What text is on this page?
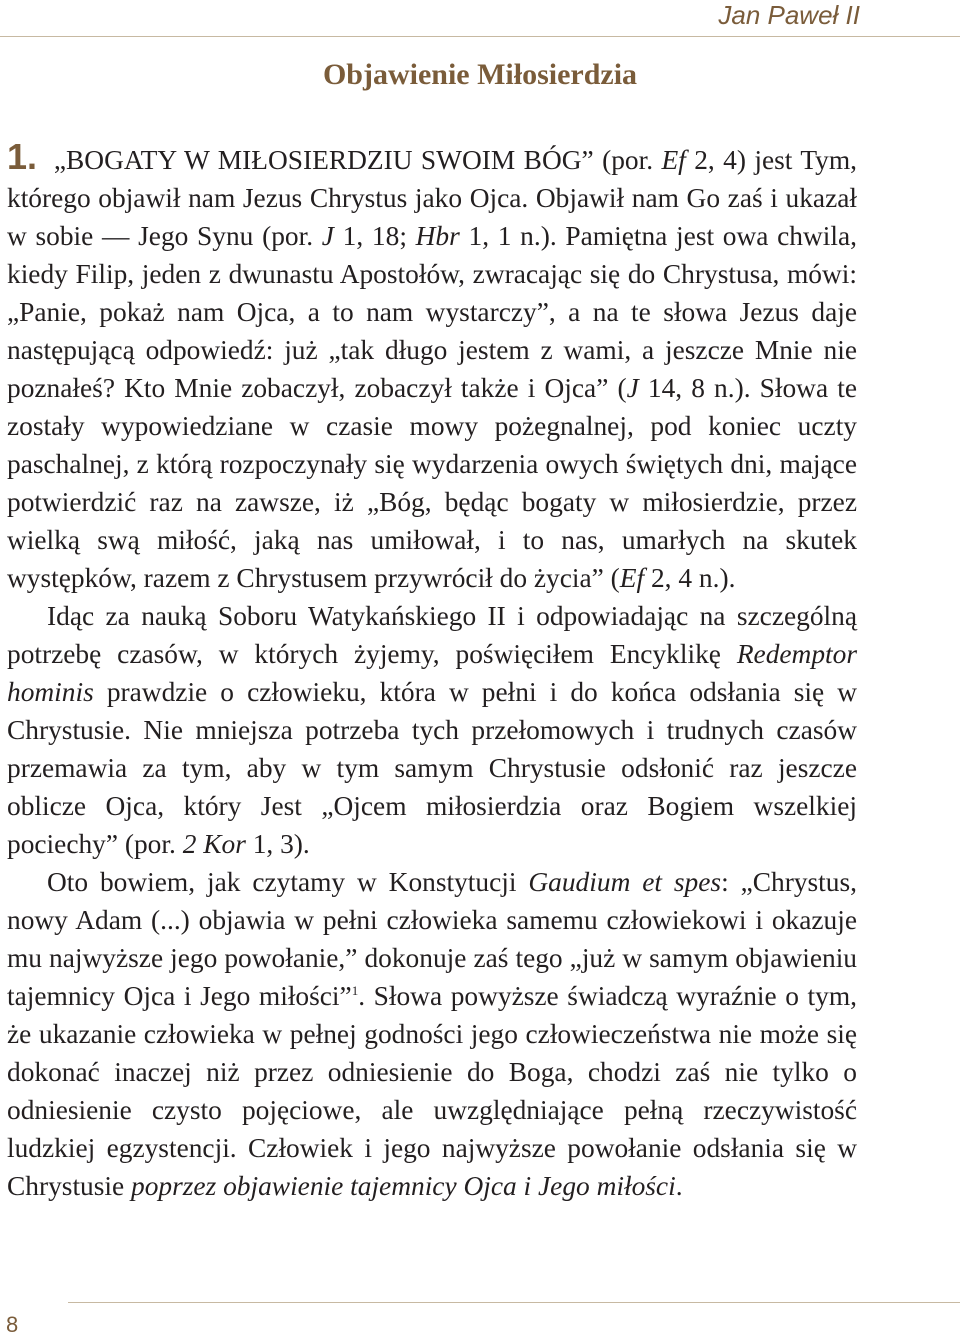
Jan Paweł II
Objawienie Miłosierdzia

1. „BOGATY W MIŁOSIERDZIU SWOIM BÓG” (por. Ef 2, 4) jest Tym, którego objawił nam Jezus Chrystus jako Ojca. Objawił nam Go zaś i ukazał w sobie — Jego Synu (por. J 1, 18; Hbr 1, 1 n.). Pamiętna jest owa chwila, kiedy Filip, jeden z dwunastu Apostołów, zwracając się do Chrystusa, mówi: „Panie, pokaż nam Ojca, a to nam wystarczy”, a na te słowa Jezus daje następującą odpowiedź: już „tak długo jestem z wami, a jeszcze Mnie nie poznałeś? Kto Mnie zobaczył, zobaczył także i Ojca” (J 14, 8 n.). Słowa te zostały wypowiedziane w czasie mowy pożegnalnej, pod koniec uczty paschalnej, z którą rozpoczynały się wydarzenia owych świętych dni, mające potwierdzić raz na zawsze, iż „Bóg, będąc bogaty w miłosierdzie, przez wielką swą miłość, jaką nas umiłował, i to nas, umarłych na skutek występków, razem z Chrystusem przywrócił do życia” (Ef 2, 4 n.).

Idąc za nauką Soboru Watykańskiego II i odpowiadając na szczególną potrzebę czasów, w których żyjemy, poświęciłem Encyklikę Redemptor hominis prawdzie o człowieku, która w pełni i do końca odsłania się w Chrystusie. Nie mniejsza potrzeba tych przełomowych i trudnych czasów przemawia za tym, aby w tym samym Chrystusie odsłonić raz jeszcze oblicze Ojca, który Jest „Ojcem miłosierdzia oraz Bogiem wszelkiej pociechy” (por. 2 Kor 1, 3).

Oto bowiem, jak czytamy w Konstytucji Gaudium et spes: „Chrystus, nowy Adam (...) objawia w pełni człowieka samemu człowiekowi i okazuje mu najwyższe jego powołanie,” dokonuje zaś tego „już w samym objawieniu tajemnicy Ojca i Jego miłości”$^1$. Słowa powyższe świadczą wyraźnie o tym, że ukazanie człowieka w pełnej godności jego człowieczeństwa nie może się dokonać inaczej niż przez odniesienie do Boga, chodzi zaś nie tylko o odniesienie czysto pojęciowe, ale uwzględniające pełną rzeczywistość ludzkiej egzystencji. Człowiek i jego najwyższe powołanie odsłania się w Chrystusie poprzez objawienie tajemnicy Ojca i Jego miłości.

8
